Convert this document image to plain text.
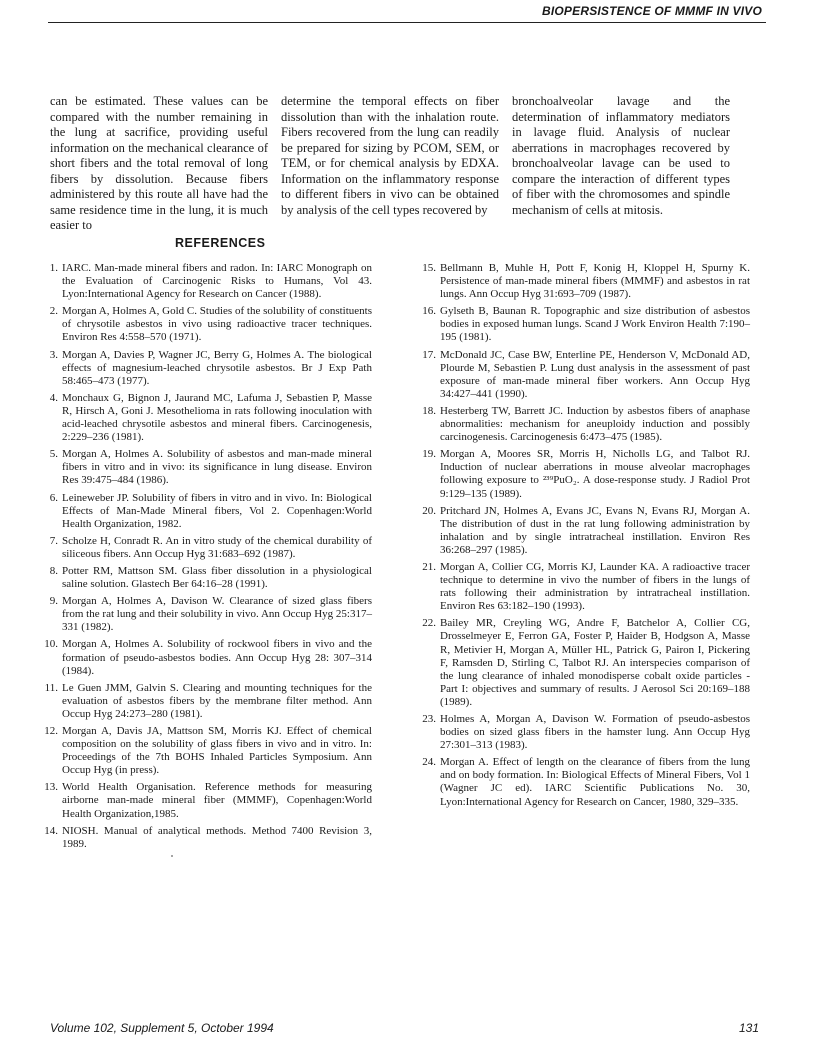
BIOPERSISTENCE OF MMMF IN VIVO
can be estimated. These values can be compared with the number remaining in the lung at sacrifice, providing useful information on the mechanical clearance of short fibers and the total removal of long fibers by dissolution. Because fibers administered by this route all have had the same residence time in the lung, it is much easier to
determine the temporal effects on fiber dissolution than with the inhalation route. Fibers recovered from the lung can readily be prepared for sizing by PCOM, SEM, or TEM, or for chemical analysis by EDXA. Information on the inflammatory response to different fibers in vivo can be obtained by analysis of the cell types recovered by
bronchoalveolar lavage and the determination of inflammatory mediators in lavage fluid. Analysis of nuclear aberrations in macrophages recovered by bronchoalveolar lavage can be used to compare the interaction of different types of fiber with the chromosomes and spindle mechanism of cells at mitosis.
REFERENCES
1. IARC. Man-made mineral fibers and radon. In: IARC Monograph on the Evaluation of Carcinogenic Risks to Humans, Vol 43. Lyon:International Agency for Research on Cancer (1988).
2. Morgan A, Holmes A, Gold C. Studies of the solubility of constituents of chrysotile asbestos in vivo using radioactive tracer techniques. Environ Res 4:558–570 (1971).
3. Morgan A, Davies P, Wagner JC, Berry G, Holmes A. The biological effects of magnesium-leached chrysotile asbestos. Br J Exp Path 58:465–473 (1977).
4. Monchaux G, Bignon J, Jaurand MC, Lafuma J, Sebastien P, Masse R, Hirsch A, Goni J. Mesothelioma in rats following inoculation with acid-leached chrysotile asbestos and mineral fibers. Carcinogenesis, 2:229–236 (1981).
5. Morgan A, Holmes A. Solubility of asbestos and man-made mineral fibers in vitro and in vivo: its significance in lung disease. Environ Res 39:475–484 (1986).
6. Leineweber JP. Solubility of fibers in vitro and in vivo. In: Biological Effects of Man-Made Mineral fibers, Vol 2. Copenhagen:World Health Organization, 1982.
7. Scholze H, Conradt R. An in vitro study of the chemical durability of siliceous fibers. Ann Occup Hyg 31:683–692 (1987).
8. Potter RM, Mattson SM. Glass fiber dissolution in a physiological saline solution. Glastech Ber 64:16–28 (1991).
9. Morgan A, Holmes A, Davison W. Clearance of sized glass fibers from the rat lung and their solubility in vivo. Ann Occup Hyg 25:317–331 (1982).
10. Morgan A, Holmes A. Solubility of rockwool fibers in vivo and the formation of pseudo-asbestos bodies. Ann Occup Hyg 28: 307–314 (1984).
11. Le Guen JMM, Galvin S. Clearing and mounting techniques for the evaluation of asbestos fibers by the membrane filter method. Ann Occup Hyg 24:273–280 (1981).
12. Morgan A, Davis JA, Mattson SM, Morris KJ. Effect of chemical composition on the solubility of glass fibers in vivo and in vitro. In: Proceedings of the 7th BOHS Inhaled Particles Symposium. Ann Occup Hyg (in press).
13. World Health Organisation. Reference methods for measuring airborne man-made mineral fiber (MMMF), Copenhagen:World Health Organization,1985.
14. NIOSH. Manual of analytical methods. Method 7400 Revision 3, 1989.
15. Bellmann B, Muhle H, Pott F, Konig H, Kloppel H, Spurny K. Persistence of man-made mineral fibers (MMMF) and asbestos in rat lungs. Ann Occup Hyg 31:693–709 (1987).
16. Gylseth B, Baunan R. Topographic and size distribution of asbestos bodies in exposed human lungs. Scand J Work Environ Health 7:190–195 (1981).
17. McDonald JC, Case BW, Enterline PE, Henderson V, McDonald AD, Plourde M, Sebastien P. Lung dust analysis in the assessment of past exposure of man-made mineral fiber workers. Ann Occup Hyg 34:427–441 (1990).
18. Hesterberg TW, Barrett JC. Induction by asbestos fibers of anaphase abnormalities: mechanism for aneuploidy induction and possibly carcinogenesis. Carcinogenesis 6:473–475 (1985).
19. Morgan A, Moores SR, Morris H, Nicholls LG, and Talbot RJ. Induction of nuclear aberrations in mouse alveolar macrophages following exposure to ²³⁹PuO₂. A dose-response study. J Radiol Prot 9:129–135 (1989).
20. Pritchard JN, Holmes A, Evans JC, Evans N, Evans RJ, Morgan A. The distribution of dust in the rat lung following administration by inhalation and by single intratracheal instillation. Environ Res 36:268–297 (1985).
21. Morgan A, Collier CG, Morris KJ, Launder KA. A radioactive tracer technique to determine in vivo the number of fibers in the lungs of rats following their administration by intratracheal instillation. Environ Res 63:182–190 (1993).
22. Bailey MR, Creyling WG, Andre F, Batchelor A, Collier CG, Drosselmeyer E, Ferron GA, Foster P, Haider B, Hodgson A, Masse R, Metivier H, Morgan A, Müller HL, Patrick G, Pairon I, Pickering F, Ramsden D, Stirling C, Talbot RJ. An interspecies comparison of the lung clearance of inhaled monodisperse cobalt oxide particles - Part I: objectives and summary of results. J Aerosol Sci 20:169–188 (1989).
23. Holmes A, Morgan A, Davison W. Formation of pseudo-asbestos bodies on sized glass fibers in the hamster lung. Ann Occup Hyg 27:301–313 (1983).
24. Morgan A. Effect of length on the clearance of fibers from the lung and on body formation. In: Biological Effects of Mineral Fibers, Vol 1 (Wagner JC ed). IARC Scientific Publications No. 30, Lyon:International Agency for Research on Cancer, 1980, 329–335.
Volume 102, Supplement 5, October 1994	131
